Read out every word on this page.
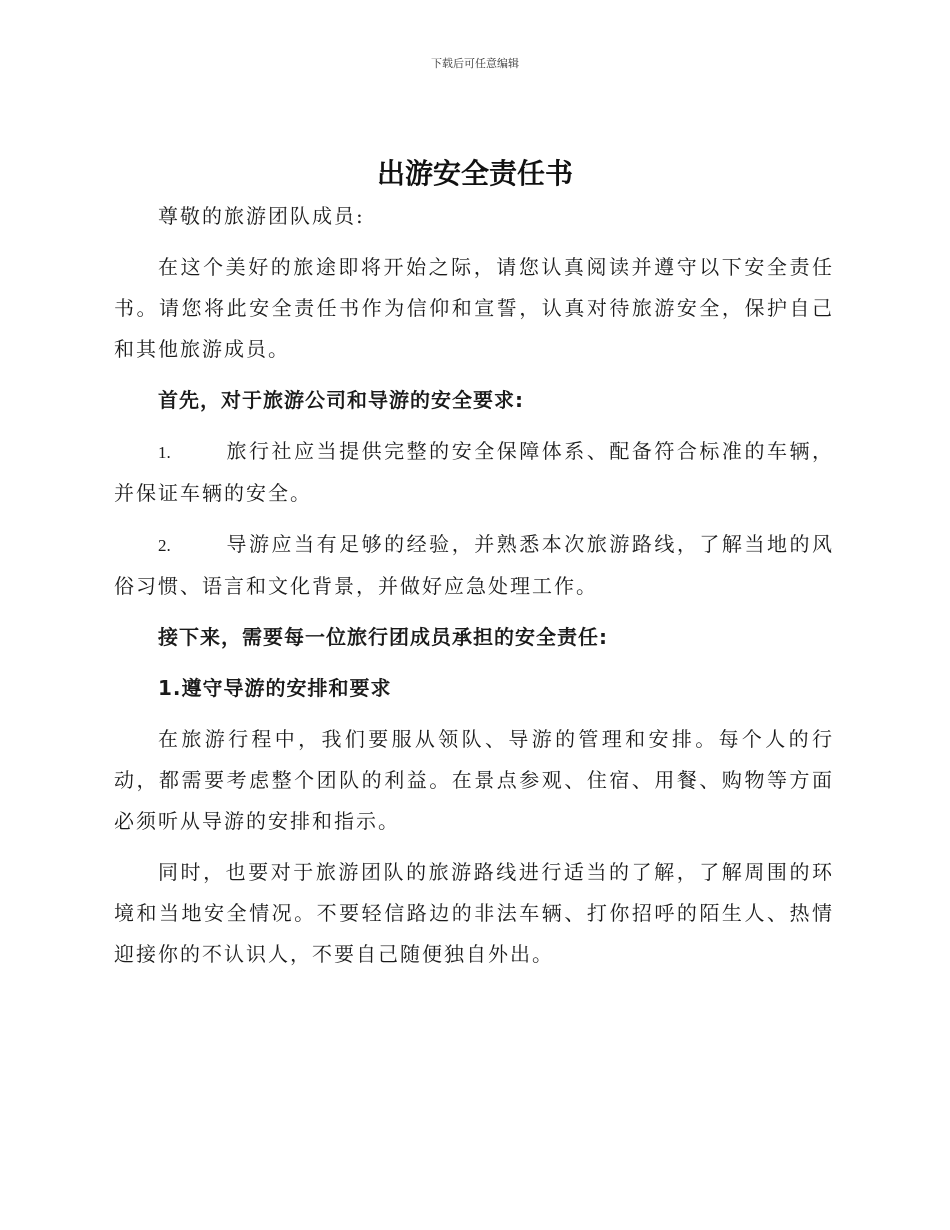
下载后可任意编辑
出游安全责任书

尊敬的旅游团队成员:

在这个美好的旅途即将开始之际，请您认真阅读并遵守以下安全责任书。请您将此安全责任书作为信仰和宣誓，认真对待旅游安全，保护自己和其他旅游成员。

首先，对于旅游公司和导游的安全要求:

1.	旅行社应当提供完整的安全保障体系、配备符合标准的车辆，并保证车辆的安全。

2.	导游应当有足够的经验，并熟悉本次旅游路线，了解当地的风俗习惯、语言和文化背景，并做好应急处理工作。

接下来，需要每一位旅行团成员承担的安全责任:

1.遵守导游的安排和要求

在旅游行程中，我们要服从领队、导游的管理和安排。每个人的行动，都需要考虑整个团队的利益。在景点参观、住宿、用餐、购物等方面必须听从导游的安排和指示。

同时，也要对于旅游团队的旅游路线进行适当的了解，了解周围的环境和当地安全情况。不要轻信路边的非法车辆、打你招呼的陌生人、热情迎接你的不认识人，不要自己随便独自外出。
